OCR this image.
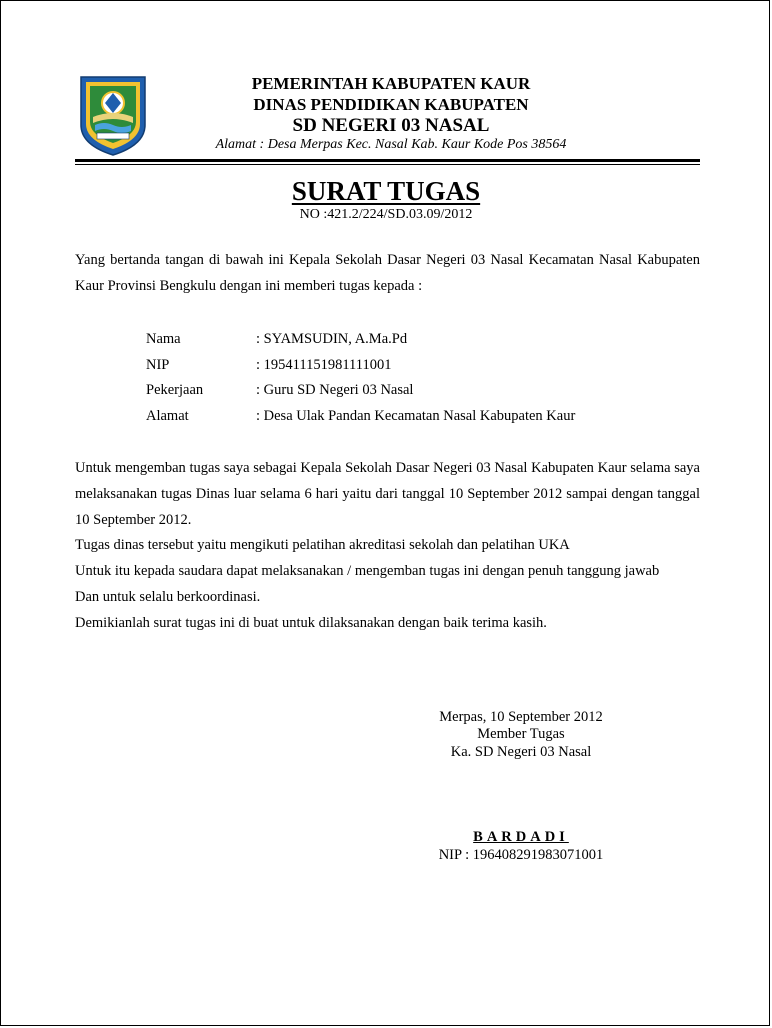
PEMERINTAH KABUPATEN KAUR
DINAS PENDIDIKAN KABUPATEN
SD NEGERI 03 NASAL
Alamat : Desa Merpas Kec. Nasal Kab. Kaur Kode Pos 38564
SURAT TUGAS
NO :421.2/224/SD.03.09/2012

Yang bertanda tangan di bawah ini Kepala Sekolah Dasar Negeri 03 Nasal Kecamatan Nasal Kabupaten Kaur Provinsi Bengkulu dengan ini memberi tugas kepada :

Nama	: SYAMSUDIN, A.Ma.Pd
NIP	: 195411151981111001
Pekerjaan	: Guru SD Negeri 03 Nasal
Alamat	: Desa Ulak Pandan Kecamatan Nasal Kabupaten Kaur

Untuk mengemban tugas saya sebagai Kepala Sekolah Dasar Negeri 03 Nasal Kabupaten Kaur selama saya melaksanakan tugas Dinas luar selama 6 hari yaitu dari tanggal 10 September 2012 sampai dengan tanggal 10 September 2012.

Tugas dinas tersebut yaitu mengikuti pelatihan akreditasi sekolah dan pelatihan UKA
Untuk itu kepada saudara dapat melaksanakan / mengemban tugas ini dengan penuh tanggung jawab
Dan untuk selalu berkoordinasi.
Demikianlah surat tugas ini di buat untuk dilaksanakan dengan baik terima kasih.
Merpas, 10 September 2012
Member Tugas
Ka. SD Negeri 03 Nasal
BARDADI
NIP : 196408291983071001
